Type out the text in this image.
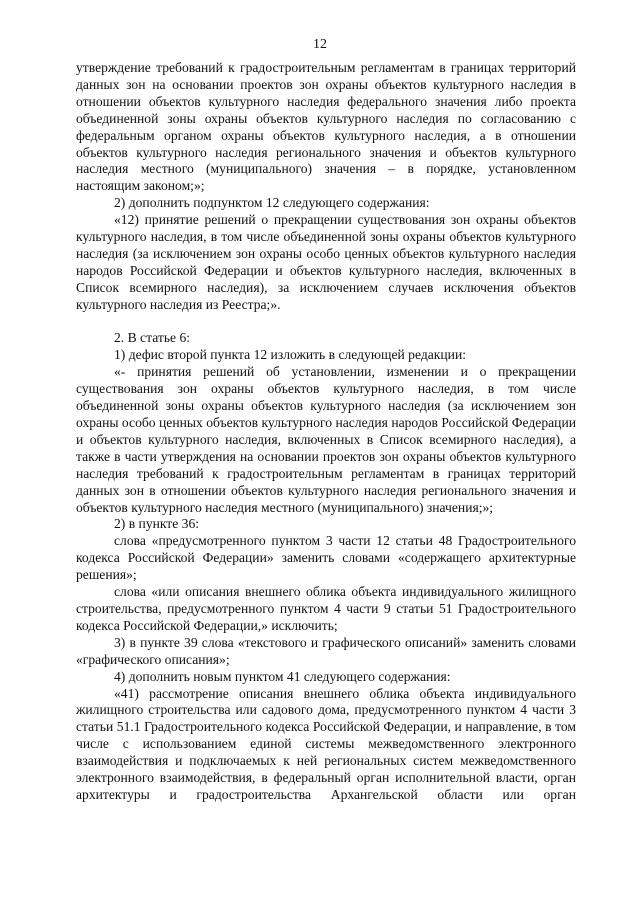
12

утверждение требований к градостроительным регламентам в границах территорий данных зон на основании проектов зон охраны объектов культурного наследия в отношении объектов культурного наследия федерального значения либо проекта объединенной зоны охраны объектов культурного наследия по согласованию с федеральным органом охраны объектов культурного наследия, а в отношении объектов культурного наследия регионального значения и объектов культурного наследия местного (муниципального) значения – в порядке, установленном настоящим законом;»;

2) дополнить подпунктом 12 следующего содержания:

«12) принятие решений о прекращении существования зон охраны объектов культурного наследия, в том числе объединенной зоны охраны объектов культурного наследия (за исключением зон охраны особо ценных объектов культурного наследия народов Российской Федерации и объектов культурного наследия, включенных в Список всемирного наследия), за исключением случаев исключения объектов культурного наследия из Реестра;».

2. В статье 6:

1) дефис второй пункта 12 изложить в следующей редакции:

«- принятия решений об установлении, изменении и о прекращении существования зон охраны объектов культурного наследия, в том числе объединенной зоны охраны объектов культурного наследия (за исключением зон охраны особо ценных объектов культурного наследия народов Российской Федерации и объектов культурного наследия, включенных в Список всемирного наследия), а также в части утверждения на основании проектов зон охраны объектов культурного наследия требований к градостроительным регламентам в границах территорий данных зон в отношении объектов культурного наследия регионального значения и объектов культурного наследия местного (муниципального) значения;»;

2) в пункте 36:

слова «предусмотренного пунктом 3 части 12 статьи 48 Градостроительного кодекса Российской Федерации» заменить словами «содержащего архитектурные решения»;

слова «или описания внешнего облика объекта индивидуального жилищного строительства, предусмотренного пунктом 4 части 9 статьи 51 Градостроительного кодекса Российской Федерации,» исключить;

3) в пункте 39 слова «текстового и графического описаний» заменить словами «графического описания»;

4) дополнить новым пунктом 41 следующего содержания:

«41) рассмотрение описания внешнего облика объекта индивидуального жилищного строительства или садового дома, предусмотренного пунктом 4 части 3 статьи 51.1 Градостроительного кодекса Российской Федерации, и направление, в том числе с использованием единой системы межведомственного электронного взаимодействия и подключаемых к ней региональных систем межведомственного электронного взаимодействия, в федеральный орган исполнительной власти, орган архитектуры и градостроительства Архангельской области или орган
